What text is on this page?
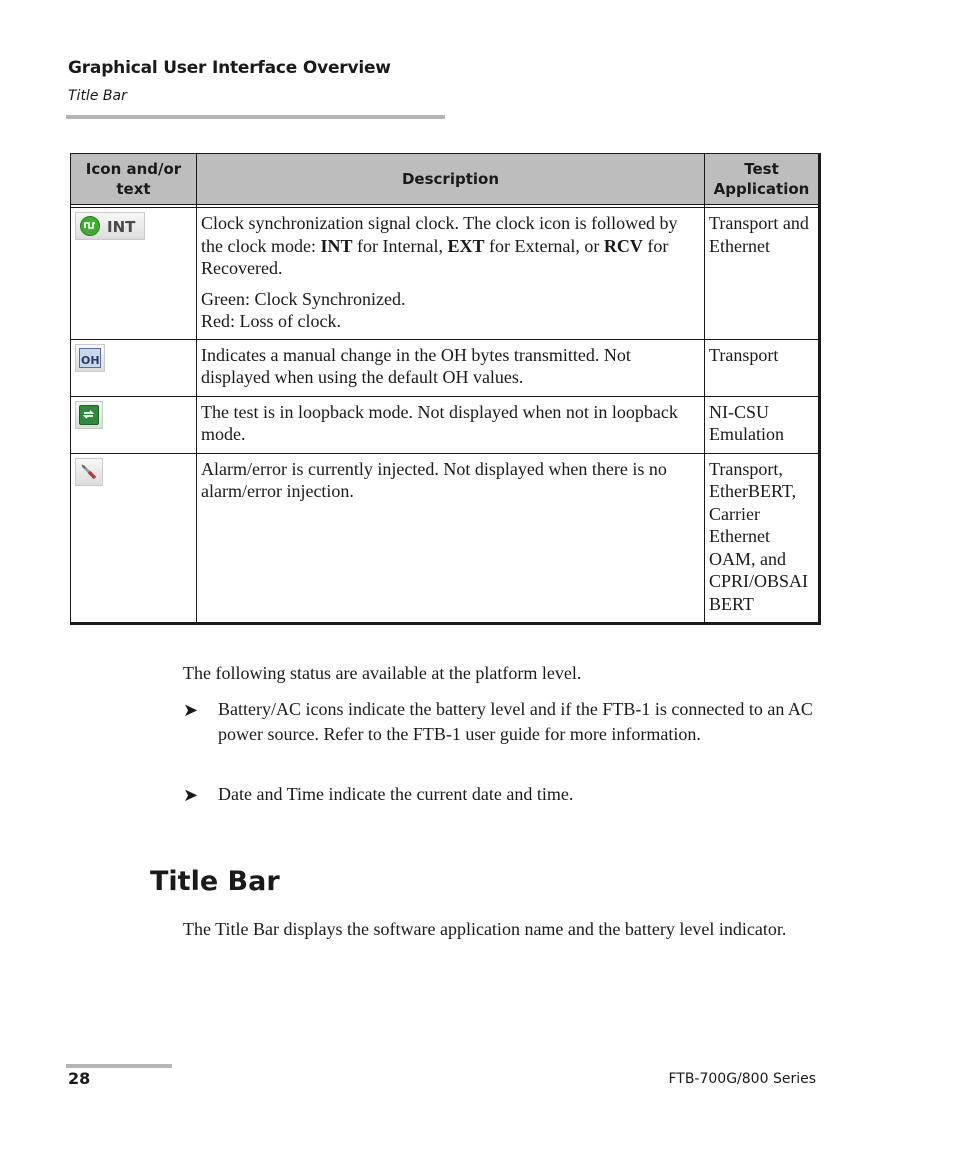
Graphical User Interface Overview
Title Bar
Icon and/or text	Description	Test Application

INT	Clock synchronization signal clock. The clock icon is followed by the clock mode: INT for Internal, EXT for External, or RCV for Recovered.

Green: Clock Synchronized.
Red: Loss of clock.	Transport and Ethernet

OH	Indicates a manual change in the OH bytes transmitted. Not displayed when using the default OH values.	Transport

	The test is in loopback mode. Not displayed when not in loopback mode.	NI-CSU Emulation

	Alarm/error is currently injected. Not displayed when there is no alarm/error injection.	Transport, EtherBERT, Carrier Ethernet OAM, and CPRI/OBSAI BERT
The following status are available at the platform level.
➤ Battery/AC icons indicate the battery level and if the FTB-1 is connected to an AC power source. Refer to the FTB-1 user guide for more information.
➤ Date and Time indicate the current date and time.
Title Bar
The Title Bar displays the software application name and the battery level indicator.
28	FTB-700G/800 Series
